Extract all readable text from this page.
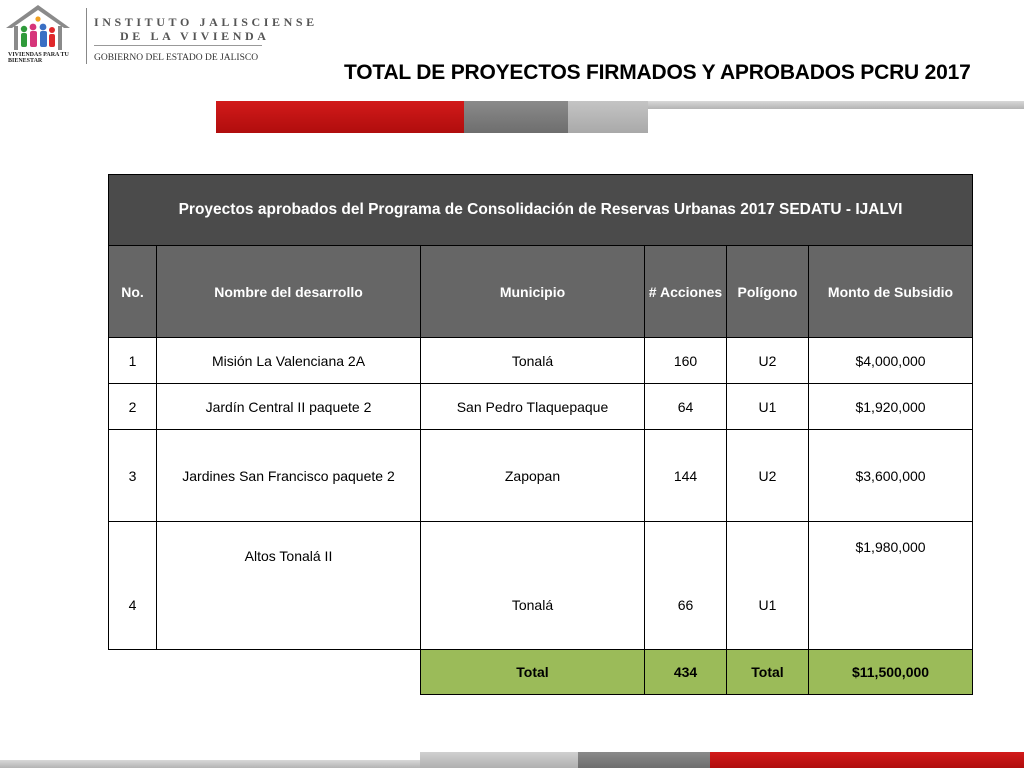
VIVIENDAS PARA TU BIENESTAR
INSTITUTO JALISCIENSE
DE LA VIVIENDA
GOBIERNO DEL ESTADO DE JALISCO
TOTAL DE PROYECTOS FIRMADOS Y APROBADOS PCRU 2017
Proyectos aprobados del Programa de Consolidación de Reservas Urbanas 2017 SEDATU - IJALVI					
No.	Nombre del desarrollo	Municipio	# Acciones	Polígono	Monto de Subsidio
1	Misión La Valenciana 2A	Tonalá	160	U2	$4,000,000
2	Jardín Central II paquete 2	San Pedro Tlaquepaque	64	U1	$1,920,000
3	Jardines San Francisco paquete 2	Zapopan	144	U2	$3,600,000
4	Altos Tonalá II	Tonalá	66	U1	$1,980,000
		Total	434	Total	$11,500,000
